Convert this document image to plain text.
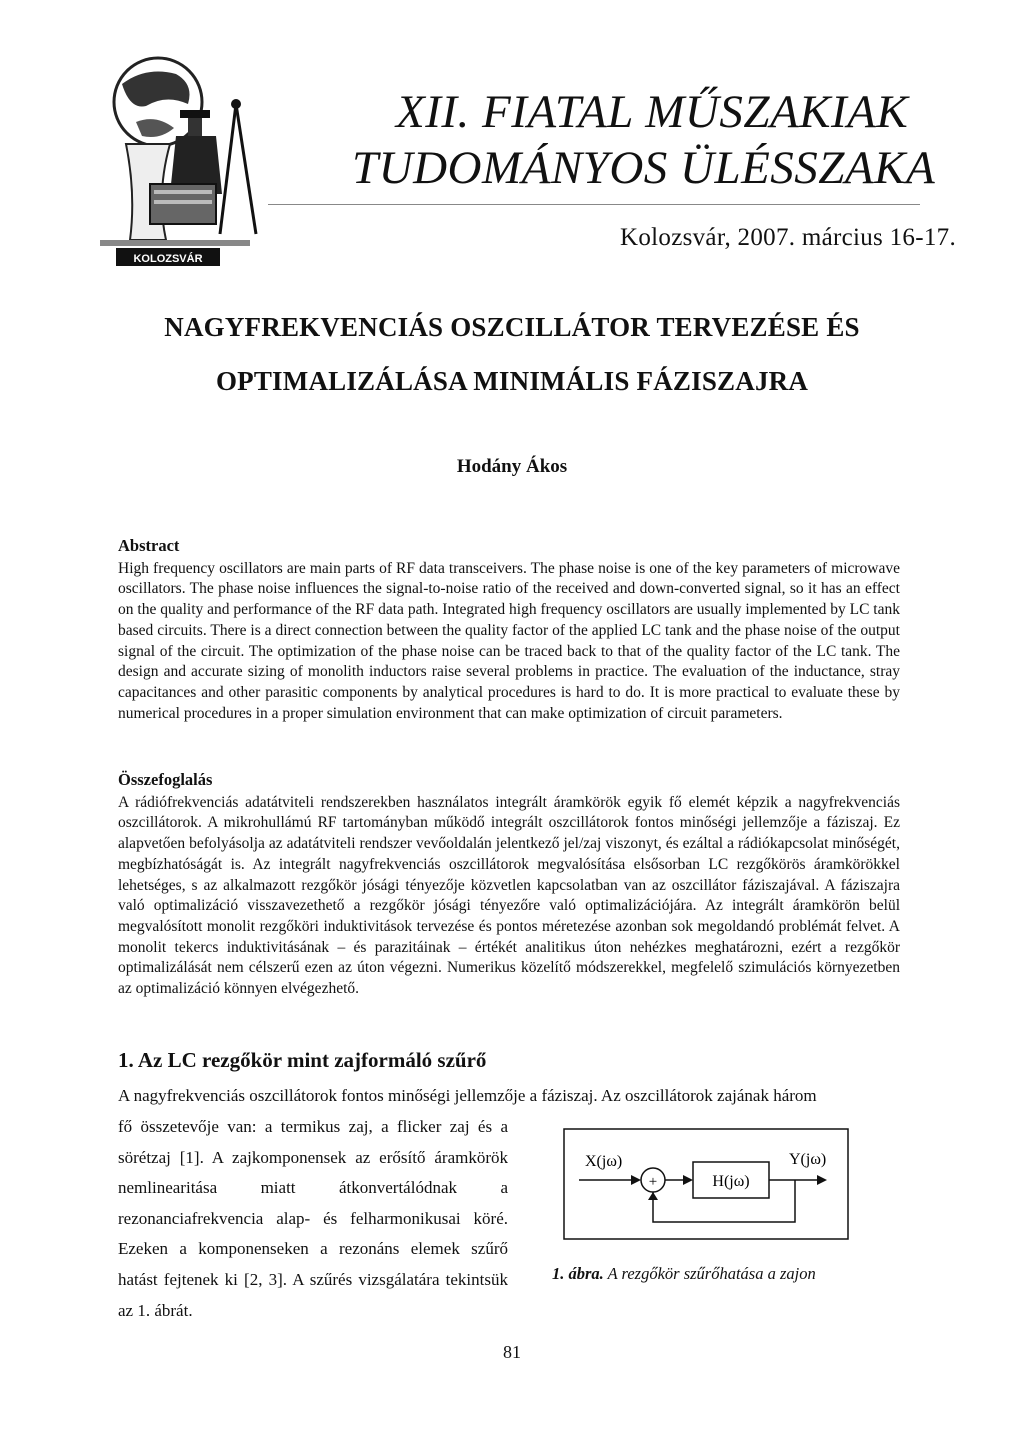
KOLOZSVÁR
XII. FIATAL MŰSZAKIAK
TUDOMÁNYOS ÜLÉSSZAKA
Kolozsvár, 2007. március 16-17.
NAGYFREKVENCIÁS OSZCILLÁTOR TERVEZÉSE ÉS
OPTIMALIZÁLÁSA MINIMÁLIS FÁZISZAJRA
Hodány Ákos
Abstract
High frequency oscillators are main parts of RF data transceivers. The phase noise is one of the key parameters of microwave oscillators. The phase noise influences the signal-to-noise ratio of the received and down-converted signal, so it has an effect on the quality and performance of the RF data path. Integrated high frequency oscillators are usually implemented by LC tank based circuits. There is a direct connection between the quality factor of the applied LC tank and the phase noise of the output signal of the circuit. The optimization of the phase noise can be traced back to that of the quality factor of the LC tank. The design and accurate sizing of monolith inductors raise several problems in practice. The evaluation of the inductance, stray capacitances and other parasitic components by analytical procedures is hard to do. It is more practical to evaluate these by numerical procedures in a proper simulation environment that can make optimization of circuit parameters.
Összefoglalás
A rádiófrekvenciás adatátviteli rendszerekben használatos integrált áramkörök egyik fő elemét képzik a nagyfrekvenciás oszcillátorok. A mikrohullámú RF tartományban működő integrált oszcillátorok fontos minőségi jellemzője a fáziszaj. Ez alapvetően befolyásolja az adatátviteli rendszer vevőoldalán jelentkező jel/zaj viszonyt, és ezáltal a rádiókapcsolat minőségét, megbízhatóságát is. Az integrált nagyfrekvenciás oszcillátorok megvalósítása elsősorban LC rezgőkörös áramkörökkel lehetséges, s az alkalmazott rezgőkör jósági tényezője közvetlen kapcsolatban van az oszcillátor fáziszajával. A fáziszajra való optimalizáció visszavezethető a rezgőkör jósági tényezőre való optimalizációjára. Az integrált áramkörön belül megvalósított monolit rezgőköri induktivitások tervezése és pontos méretezése azonban sok megoldandó problémát felvet. A monolit tekercs induktivitásának – és parazitáinak – értékét analitikus úton nehézkes meghatározni, ezért a rezgőkör optimalizálását nem célszerű ezen az úton végezni. Numerikus közelítő módszerekkel, megfelelő szimulációs környezetben az optimalizáció könnyen elvégezhető.
1. Az LC rezgőkör mint zajformáló szűrő
A nagyfrekvenciás oszcillátorok fontos minőségi jellemzője a fáziszaj. Az oszcillátorok zajának három
fő összetevője van: a termikus zaj, a flicker zaj és a sörétzaj [1]. A zajkomponensek az erősítő áramkörök nemlinearitása miatt átkonvertálódnak a rezonanciafrekvencia alap- és felharmonikusai köré. Ezeken a komponenseken a rezonáns elemek szűrő hatást fejtenek ki [2, 3]. A szűrés vizsgálatára tekintsük az 1. ábrát.
X(jω)
+	H(jω)
Y(jω)
1. ábra. A rezgőkör szűrőhatása a zajon
81
